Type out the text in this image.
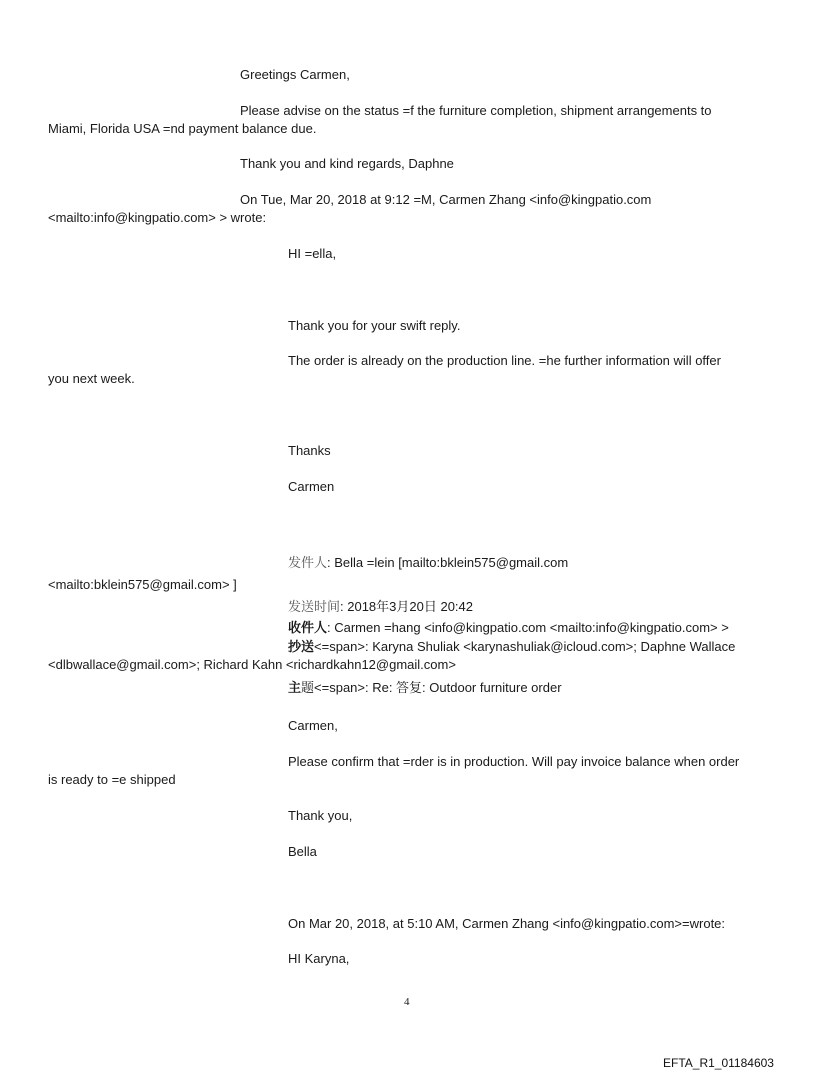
Greetings Carmen,
Please advise on the status =f the furniture completion, shipment arrangements to
Miami, Florida USA =nd payment balance due.
Thank you and kind regards, Daphne
On Tue, Mar 20, 2018 at 9:12 =M, Carmen Zhang <info@kingpatio.com
<mailto:info@kingpatio.com> > wrote:
HI =ella,
Thank you for your swift reply.
The order is already on the production line. =he further information will offer
you next week.
Thanks
Carmen
发件人: Bella =lein [mailto:bklein575@gmail.com
<mailto:bklein575@gmail.com> ]
发送时间: 2018年3月20日 20:42
收件人: Carmen =hang <info@kingpatio.com <mailto:info@kingpatio.com> >
抄送<=span>: Karyna Shuliak <karynashuliak@icloud.com>; Daphne Wallace
<dlbwallace@gmail.com>; Richard Kahn <richardkahn12@gmail.com>
主题<=span>: Re: 答复: Outdoor furniture order
Carmen,
Please confirm that =rder is in production. Will pay invoice balance when order
is ready to =e shipped
Thank you,
Bella
On Mar 20, 2018, at 5:10 AM, Carmen Zhang <info@kingpatio.com>=wrote:
HI Karyna,
4
EFTA_R1_01184603
